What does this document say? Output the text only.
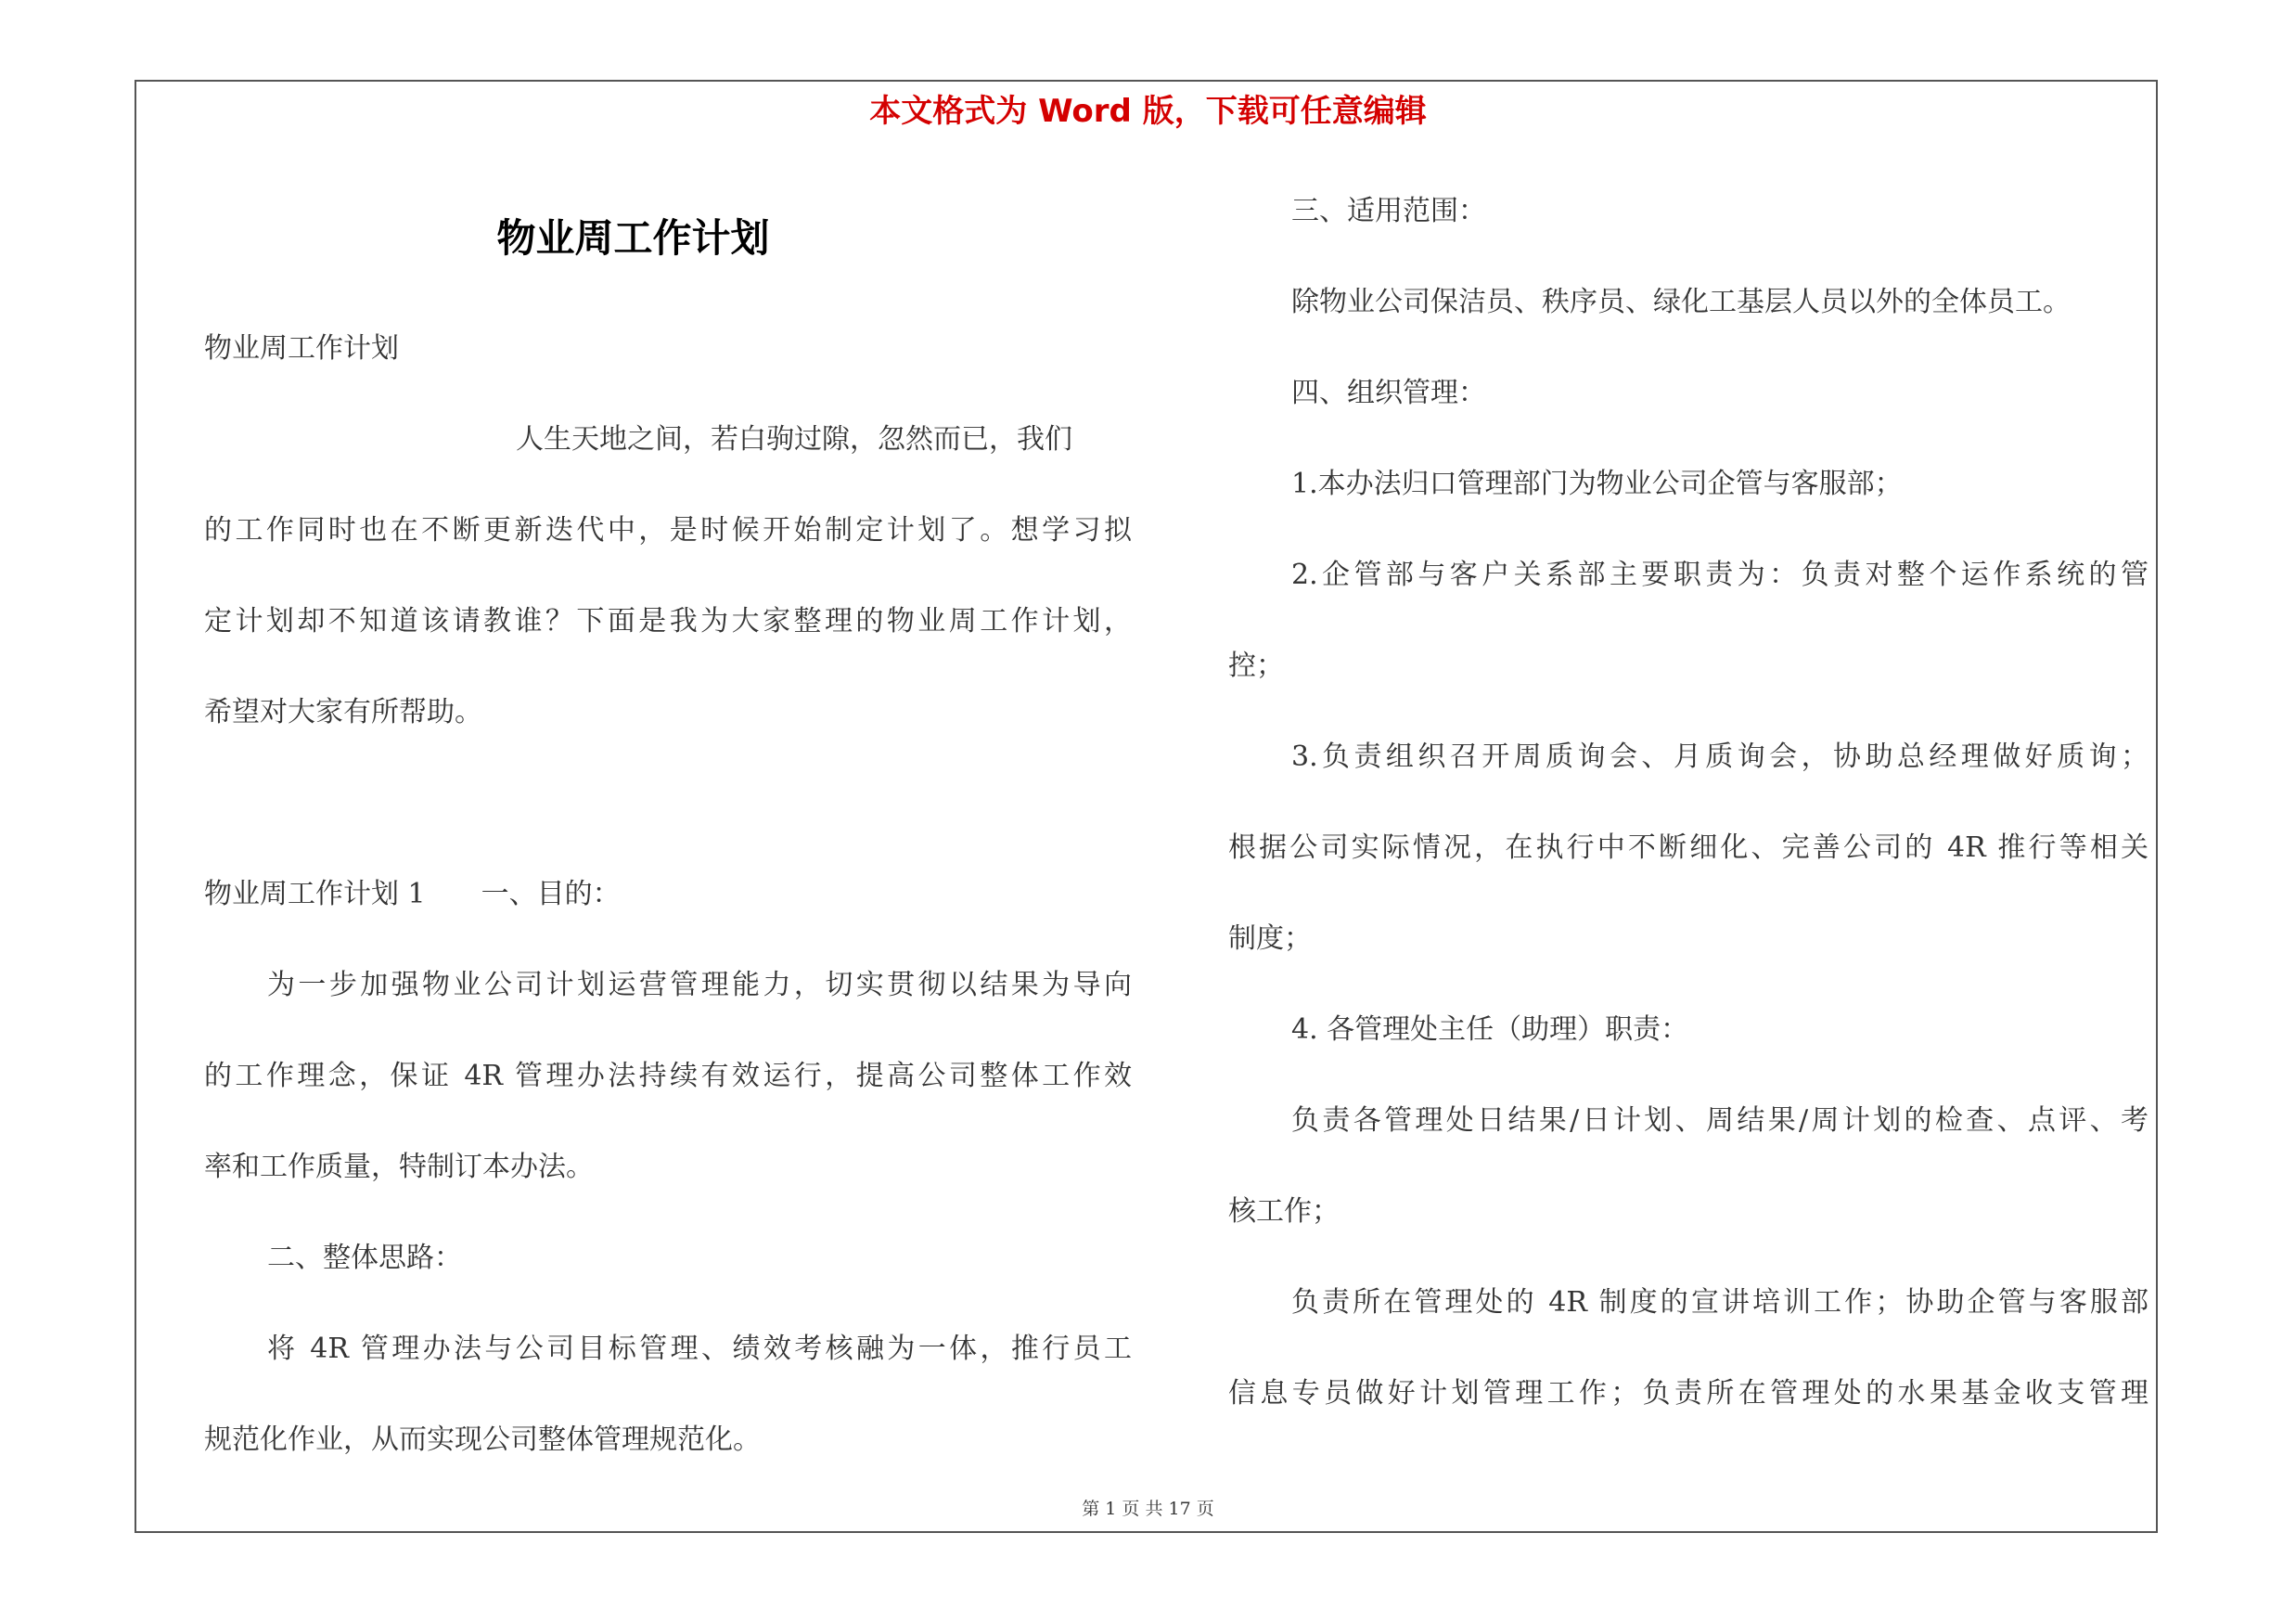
本文格式为 Word 版，下载可任意编辑
物业周工作计划
物业周工作计划
人生天地之间，若白驹过隙，忽然而已，我们
的工作同时也在不断更新迭代中，是时候开始制定计划了。想学习拟
定计划却不知道该请教谁？下面是我为大家整理的物业周工作计划，
希望对大家有所帮助。
物业周工作计划 1　　一、目的：
为一步加强物业公司计划运营管理能力，切实贯彻以结果为导向
的工作理念，保证 4R 管理办法持续有效运行，提高公司整体工作效
率和工作质量，特制订本办法。
二、整体思路：
将 4R 管理办法与公司目标管理、绩效考核融为一体，推行员工
规范化作业，从而实现公司整体管理规范化。
三、适用范围：
除物业公司保洁员、秩序员、绿化工基层人员以外的全体员工。
四、组织管理：
1.本办法归口管理部门为物业公司企管与客服部；
2.企管部与客户关系部主要职责为：负责对整个运作系统的管
控；
3.负责组织召开周质询会、月质询会，协助总经理做好质询；
根据公司实际情况，在执行中不断细化、完善公司的 4R 推行等相关
制度；
4. 各管理处主任（助理）职责：
负责各管理处日结果/日计划、周结果/周计划的检查、点评、考
核工作；
负责所在管理处的 4R 制度的宣讲培训工作；协助企管与客服部
信息专员做好计划管理工作；负责所在管理处的水果基金收支管理
第 1 页 共 17 页
